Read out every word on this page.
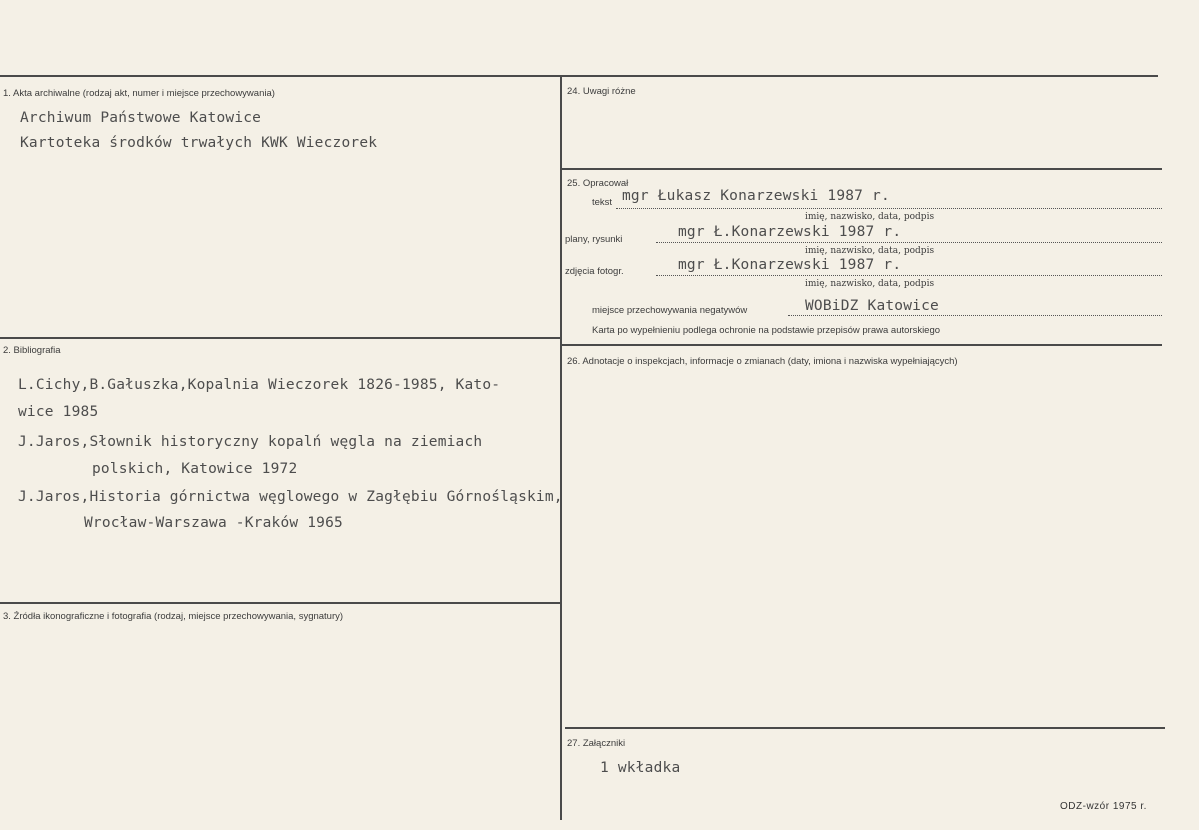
1. Akta archiwalne (rodzaj akt, numer i miejsce przechowywania)
Archiwum Państwowe Katowice
Kartoteka środków trwałych KWK Wieczorek
2. Bibliografia
L.Cichy,B.Gałuszka,Kopalnia Wieczorek 1826-1985, Kato-
wice 1985
J.Jaros,Słownik historyczny kopalń węgla na ziemiach
polskich, Katowice 1972
J.Jaros,Historia górnictwa węglowego w Zagłębiu Górnośląskim,
Wrocław-Warszawa -Kraków 1965
3. Źródła ikonograficzne i fotografia (rodzaj, miejsce przechowywania, sygnatury)
24. Uwagi różne
25. Opracował
tekst mgr Łukasz Konarzewski 1987 r.
imię, nazwisko, data, podpis
plany, rysunki	mgr Ł.Konarzewski 1987 r.
imię, nazwisko, data, podpis
zdjęcia fotogr.	mgr Ł.Konarzewski 1987 r.
imię, nazwisko, data, podpis
miejsce przechowywania negatywów	WOBiDZ Katowice
Karta po wypełnieniu podlega ochronie na podstawie przepisów prawa autorskiego
26. Adnotacje o inspekcjach, informacje o zmianach (daty, imiona i nazwiska wypełniających)
27. Załączniki
1 wkładka
ODZ-wzór 1975 r.
